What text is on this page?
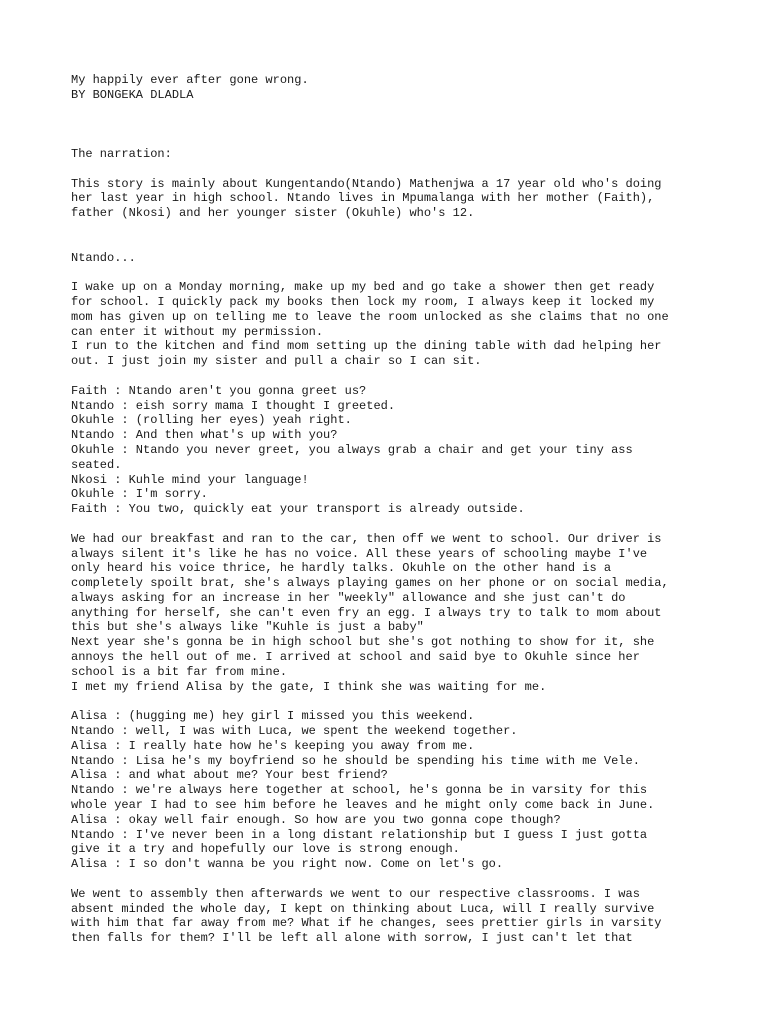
My happily ever after gone wrong.
BY BONGEKA DLADLA
The narration:
This story is mainly about Kungentando(Ntando) Mathenjwa a 17 year old who's doing
her last year in high school. Ntando lives in Mpumalanga with her mother (Faith),
father (Nkosi) and her younger sister (Okuhle) who's 12.
Ntando...
I wake up on a Monday morning, make up my bed and go take a shower then get ready
for school. I quickly pack my books then lock my room, I always keep it locked my
mom has given up on telling me to leave the room unlocked as she claims that no one
can enter it without my permission.
I run to the kitchen and find mom setting up the dining table with dad helping her
out. I just join my sister and pull a chair so I can sit.
Faith : Ntando aren't you gonna greet us?
Ntando : eish sorry mama I thought I greeted.
Okuhle : (rolling her eyes) yeah right.
Ntando : And then what's up with you?
Okuhle : Ntando you never greet, you always grab a chair and get your tiny ass
seated.
Nkosi : Kuhle mind your language!
Okuhle : I'm sorry.
Faith : You two, quickly eat your transport is already outside.
We had our breakfast and ran to the car, then off we went to school. Our driver is
always silent it's like he has no voice. All these years of schooling maybe I've
only heard his voice thrice, he hardly talks. Okuhle on the other hand is a
completely spoilt brat, she's always playing games on her phone or on social media,
always asking for an increase in her "weekly" allowance and she just can't do
anything for herself, she can't even fry an egg. I always try to talk to mom about
this but she's always like "Kuhle is just a baby"
Next year she's gonna be in high school but she's got nothing to show for it, she
annoys the hell out of me. I arrived at school and said bye to Okuhle since her
school is a bit far from mine.
I met my friend Alisa by the gate, I think she was waiting for me.
Alisa : (hugging me) hey girl I missed you this weekend.
Ntando : well, I was with Luca, we spent the weekend together.
Alisa : I really hate how he's keeping you away from me.
Ntando : Lisa he's my boyfriend so he should be spending his time with me Vele.
Alisa : and what about me? Your best friend?
Ntando : we're always here together at school, he's gonna be in varsity for this
whole year I had to see him before he leaves and he might only come back in June.
Alisa : okay well fair enough. So how are you two gonna cope though?
Ntando : I've never been in a long distant relationship but I guess I just gotta
give it a try and hopefully our love is strong enough.
Alisa : I so don't wanna be you right now. Come on let's go.
We went to assembly then afterwards we went to our respective classrooms. I was
absent minded the whole day, I kept on thinking about Luca, will I really survive
with him that far away from me? What if he changes, sees prettier girls in varsity
then falls for them? I'll be left all alone with sorrow, I just can't let that
